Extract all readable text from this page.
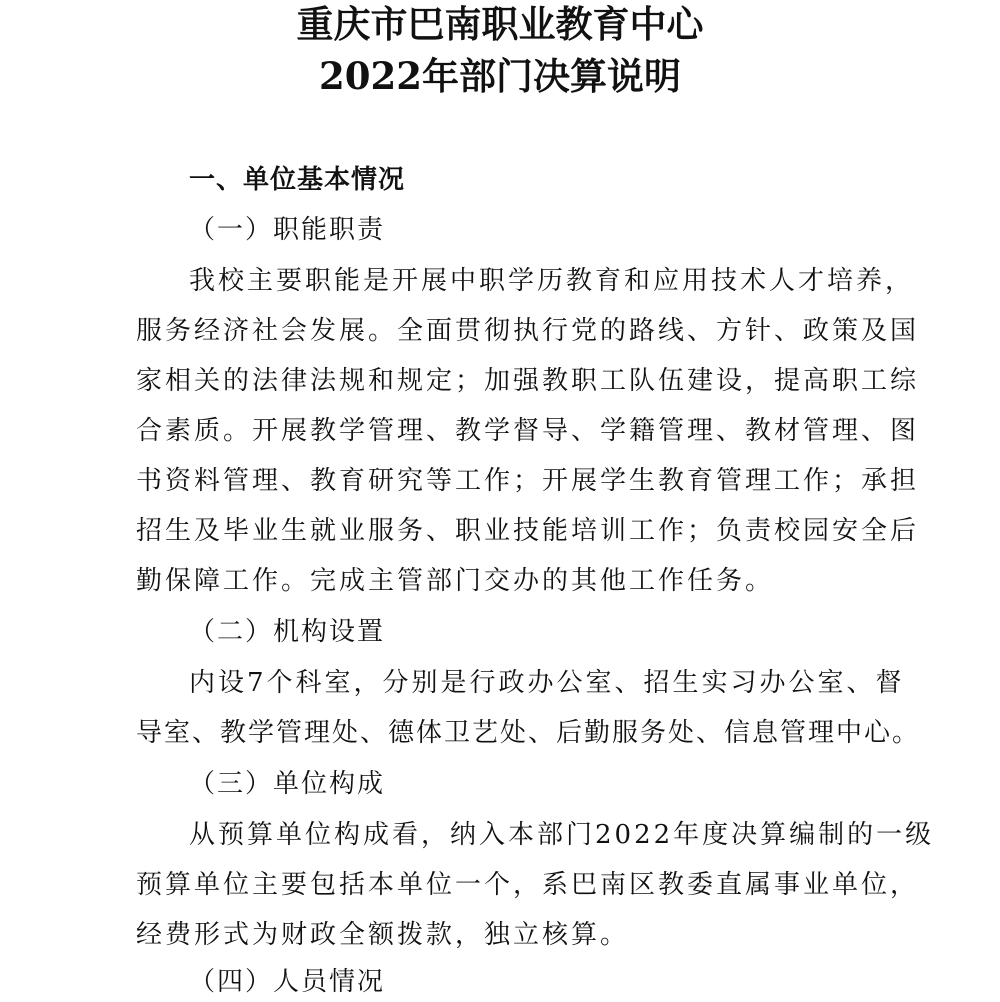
重庆市巴南职业教育中心
2022年部门决算说明

一、单位基本情况

（一）职能职责

我校主要职能是开展中职学历教育和应用技术人才培养，

服务经济社会发展。全面贯彻执行党的路线、方针、政策及国

家相关的法律法规和规定；加强教职工队伍建设，提高职工综

合素质。开展教学管理、教学督导、学籍管理、教材管理、图

书资料管理、教育研究等工作；开展学生教育管理工作；承担

招生及毕业生就业服务、职业技能培训工作；负责校园安全后

勤保障工作。完成主管部门交办的其他工作任务。

（二）机构设置

内设7个科室，分别是行政办公室、招生实习办公室、督

导室、教学管理处、德体卫艺处、后勤服务处、信息管理中心。

（三）单位构成

从预算单位构成看，纳入本部门2022年度决算编制的一级

预算单位主要包括本单位一个，系巴南区教委直属事业单位，

经费形式为财政全额拨款，独立核算。

（四）人员情况
